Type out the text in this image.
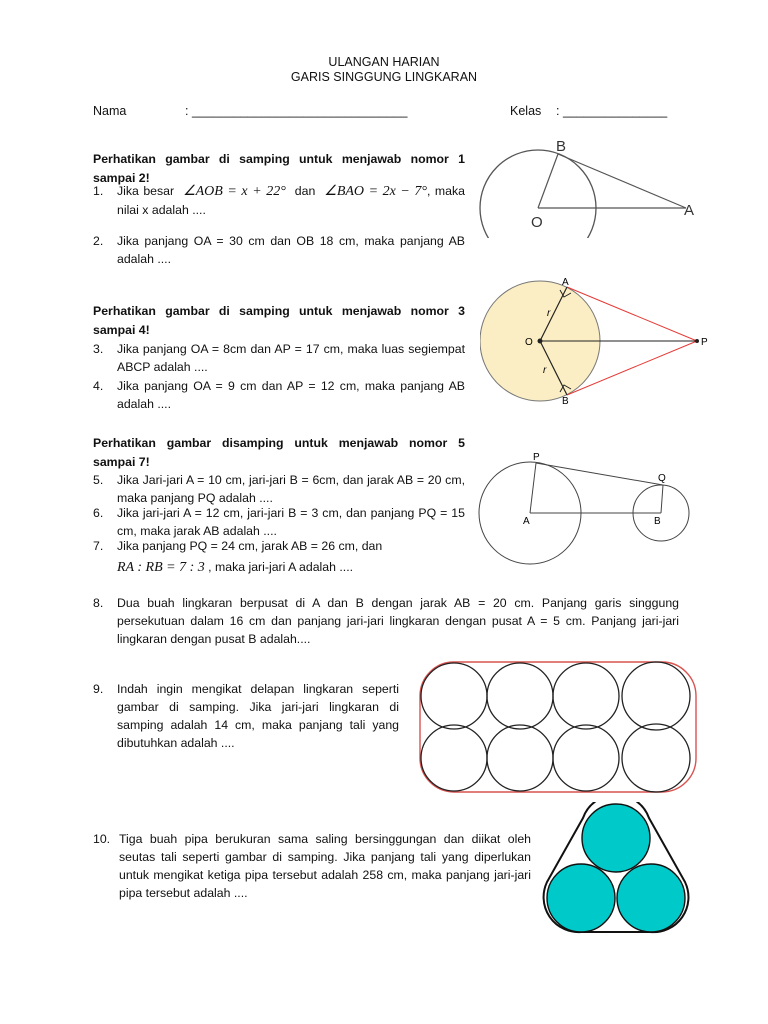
ULANGAN HARIAN
GARIS SINGGUNG LINGKARAN
Nama	: _______________________________	Kelas : _______________
Perhatikan gambar di samping untuk menjawab nomor 1 sampai 2!
1. Jika besar ∠AOB = x + 22° dan ∠BAO = 2x − 7°, maka nilai x adalah ....
2. Jika panjang OA = 30 cm dan OB 18 cm, maka panjang AB adalah ....
B
O
A
Perhatikan gambar di samping untuk menjawab nomor 3 sampai 4!
3. Jika panjang OA = 8cm dan AP = 17 cm, maka luas segiempat ABCP adalah ....
4. Jika panjang OA = 9 cm dan AP = 12 cm, maka panjang AB adalah ....
A
O	P
B
r
r
Perhatikan gambar disamping untuk menjawab nomor 5 sampai 7!
5. Jika Jari-jari A = 10 cm, jari-jari B = 6cm, dan jarak AB = 20 cm, maka panjang PQ adalah ....
6. Jika jari-jari A = 12 cm, jari-jari B = 3 cm, dan panjang PQ = 15 cm, maka jarak AB adalah ....
7. Jika panjang PQ = 24 cm, jarak AB = 26 cm, dan
RA : RB = 7 : 3 , maka jari-jari A adalah ....
P
Q
A	B
8. Dua buah lingkaran berpusat di A dan B dengan jarak AB = 20 cm. Panjang garis singgung persekutuan dalam 16 cm dan panjang jari-jari lingkaran dengan pusat A = 5 cm. Panjang jari-jari lingkaran dengan pusat B adalah....
9. Indah ingin mengikat delapan lingkaran seperti gambar di samping. Jika jari-jari lingkaran di samping adalah 14 cm, maka panjang tali yang dibutuhkan adalah ....
10. Tiga buah pipa berukuran sama saling bersinggungan dan diikat oleh seutas tali seperti gambar di samping. Jika panjang tali yang diperlukan untuk mengikat ketiga pipa tersebut adalah 258 cm, maka panjang jari-jari pipa tersebut adalah ....
